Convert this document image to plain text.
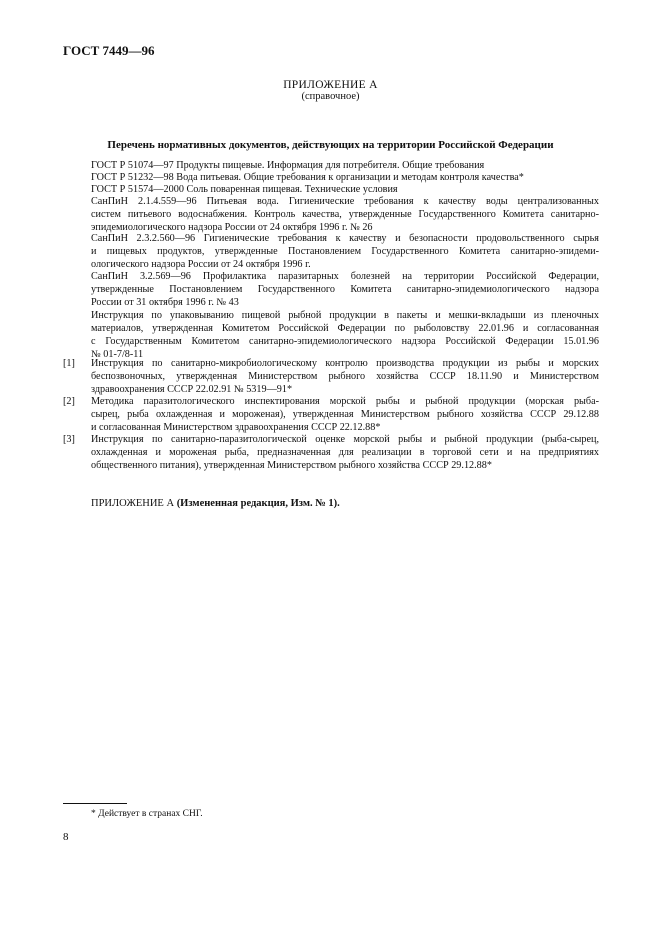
ГОСТ 7449—96
ПРИЛОЖЕНИЕ А
(справочное)
Перечень нормативных документов, действующих на территории Российской Федерации
ГОСТ Р 51074—97 Продукты пищевые. Информация для потребителя. Общие требования
ГОСТ Р 51232—98 Вода питьевая. Общие требования к организации и методам контроля качества*
ГОСТ Р 51574—2000 Соль поваренная пищевая. Технические условия
СанПиН 2.1.4.559—96 Питьевая вода. Гигиенические требования к качеству воды централизованных
систем питьевого водоснабжения. Контроль качества, утвержденные Государственного Комитета санитарно-эпидемиологического надзора России от 24 октября 1996 г. № 26
СанПиН 2.3.2.560—96 Гигиенические требования к качеству и безопасности продовольственного сырья
и пищевых продуктов, утвержденные Постановлением Государственного Комитета санитарно-эпидеми-
ологического надзора России от 24 октября 1996 г.
СанПиН 3.2.569—96 Профилактика паразитарных болезней на территории Российской Федерации,
утвержденные Постановлением Государственного Комитета санитарно-эпидемиологического надзора
России от 31 октября 1996 г. № 43
Инструкция по упаковыванию пищевой рыбной продукции в пакеты и мешки-вкладыши из пленочных
материалов, утвержденная Комитетом Российской Федерации по рыболовству 22.01.96 и согласованная
с Государственным Комитетом санитарно-эпидемиологического надзора Российской Федерации 15.01.96
№ 01-7/8-11
[1] Инструкция по санитарно-микробиологическому контролю производства продукции из рыбы и морских
беспозвоночных, утвержденная Министерством рыбного хозяйства СССР 18.11.90 и Министерством
здравоохранения СССР 22.02.91 № 5319—91*
[2] Методика паразитологического инспектирования морской рыбы и рыбной продукции (морская рыба-
сырец, рыба охлажденная и мороженая), утвержденная Министерством рыбного хозяйства СССР 29.12.88
и согласованная Министерством здравоохранения СССР 22.12.88*
[3] Инструкция по санитарно-паразитологической оценке морской рыбы и рыбной продукции (рыба-сырец,
охлажденная и мороженая рыба, предназначенная для реализации в торговой сети и на предприятиях
общественного питания), утвержденная Министерством рыбного хозяйства СССР 29.12.88*
ПРИЛОЖЕНИЕ А (Измененная редакция, Изм. № 1).
* Действует в странах СНГ.
8
